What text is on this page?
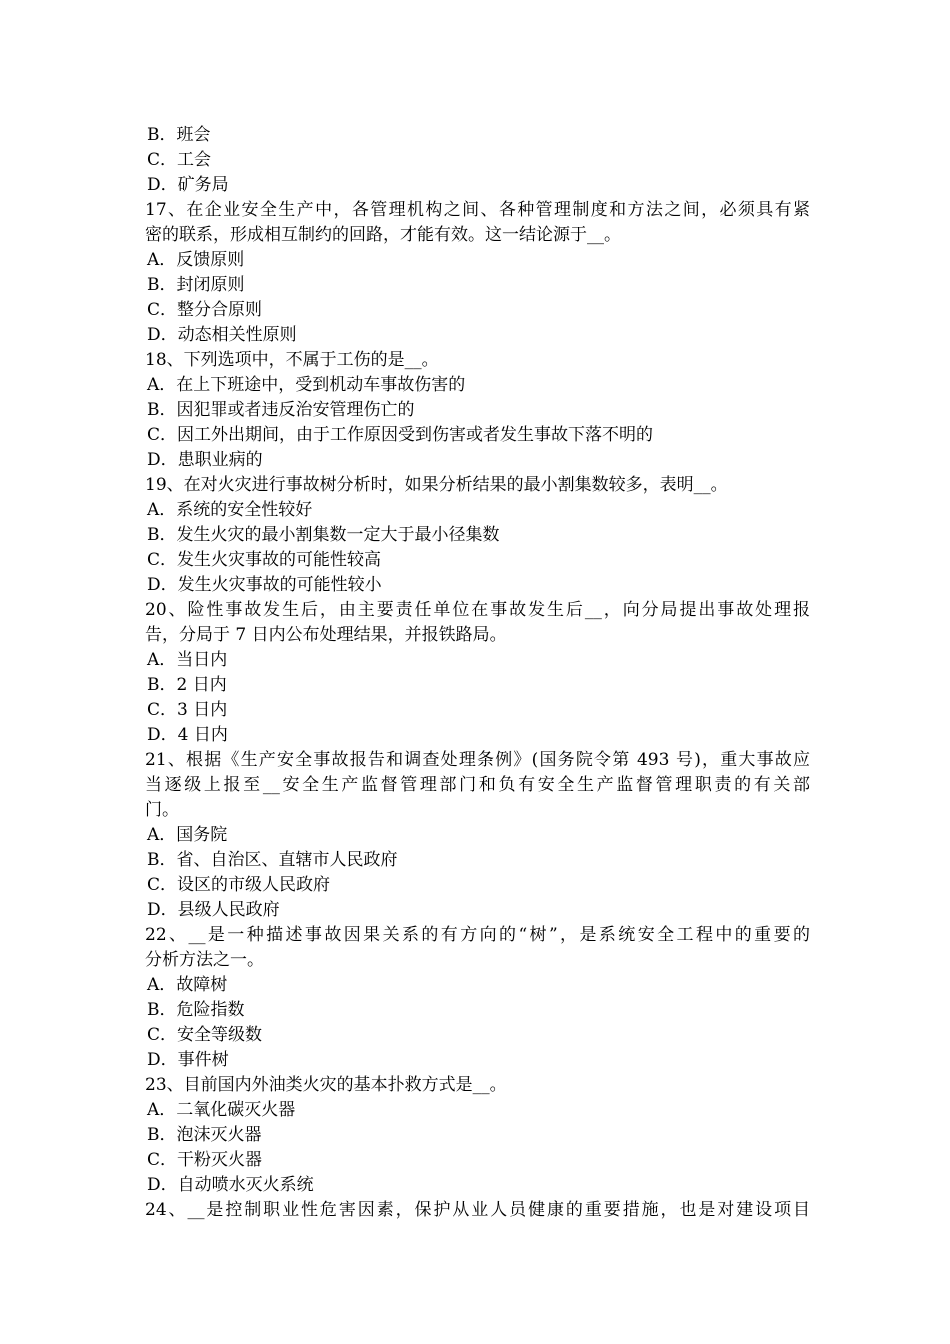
B．班会
C．工会
D．矿务局
17、在企业安全生产中，各管理机构之间、各种管理制度和方法之间，必须具有紧
密的联系，形成相互制约的回路，才能有效。这一结论源于__。
A．反馈原则
B．封闭原则
C．整分合原则
D．动态相关性原则
18、下列选项中，不属于工伤的是__。
A．在上下班途中，受到机动车事故伤害的
B．因犯罪或者违反治安管理伤亡的
C．因工外出期间，由于工作原因受到伤害或者发生事故下落不明的
D．患职业病的
19、在对火灾进行事故树分析时，如果分析结果的最小割集数较多，表明__。
A．系统的安全性较好
B．发生火灾的最小割集数一定大于最小径集数
C．发生火灾事故的可能性较高
D．发生火灾事故的可能性较小
20、险性事故发生后，由主要责任单位在事故发生后__，向分局提出事故处理报
告，分局于 7 日内公布处理结果，并报铁路局。
A．当日内
B．2 日内
C．3 日内
D．4 日内
21、根据《生产安全事故报告和调查处理条例》(国务院令第 493 号)，重大事故应
当逐级上报至__安全生产监督管理部门和负有安全生产监督管理职责的有关部
门。
A．国务院
B．省、自治区、直辖市人民政府
C．设区的市级人民政府
D．县级人民政府
22、__是一种描述事故因果关系的有方向的“树”，是系统安全工程中的重要的
分析方法之一。
A．故障树
B．危险指数
C．安全等级数
D．事件树
23、目前国内外油类火灾的基本扑救方式是__。
A．二氧化碳灭火器
B．泡沫灭火器
C．干粉灭火器
D．自动喷水灭火系统
24、__是控制职业性危害因素，保护从业人员健康的重要措施，也是对建设项目
